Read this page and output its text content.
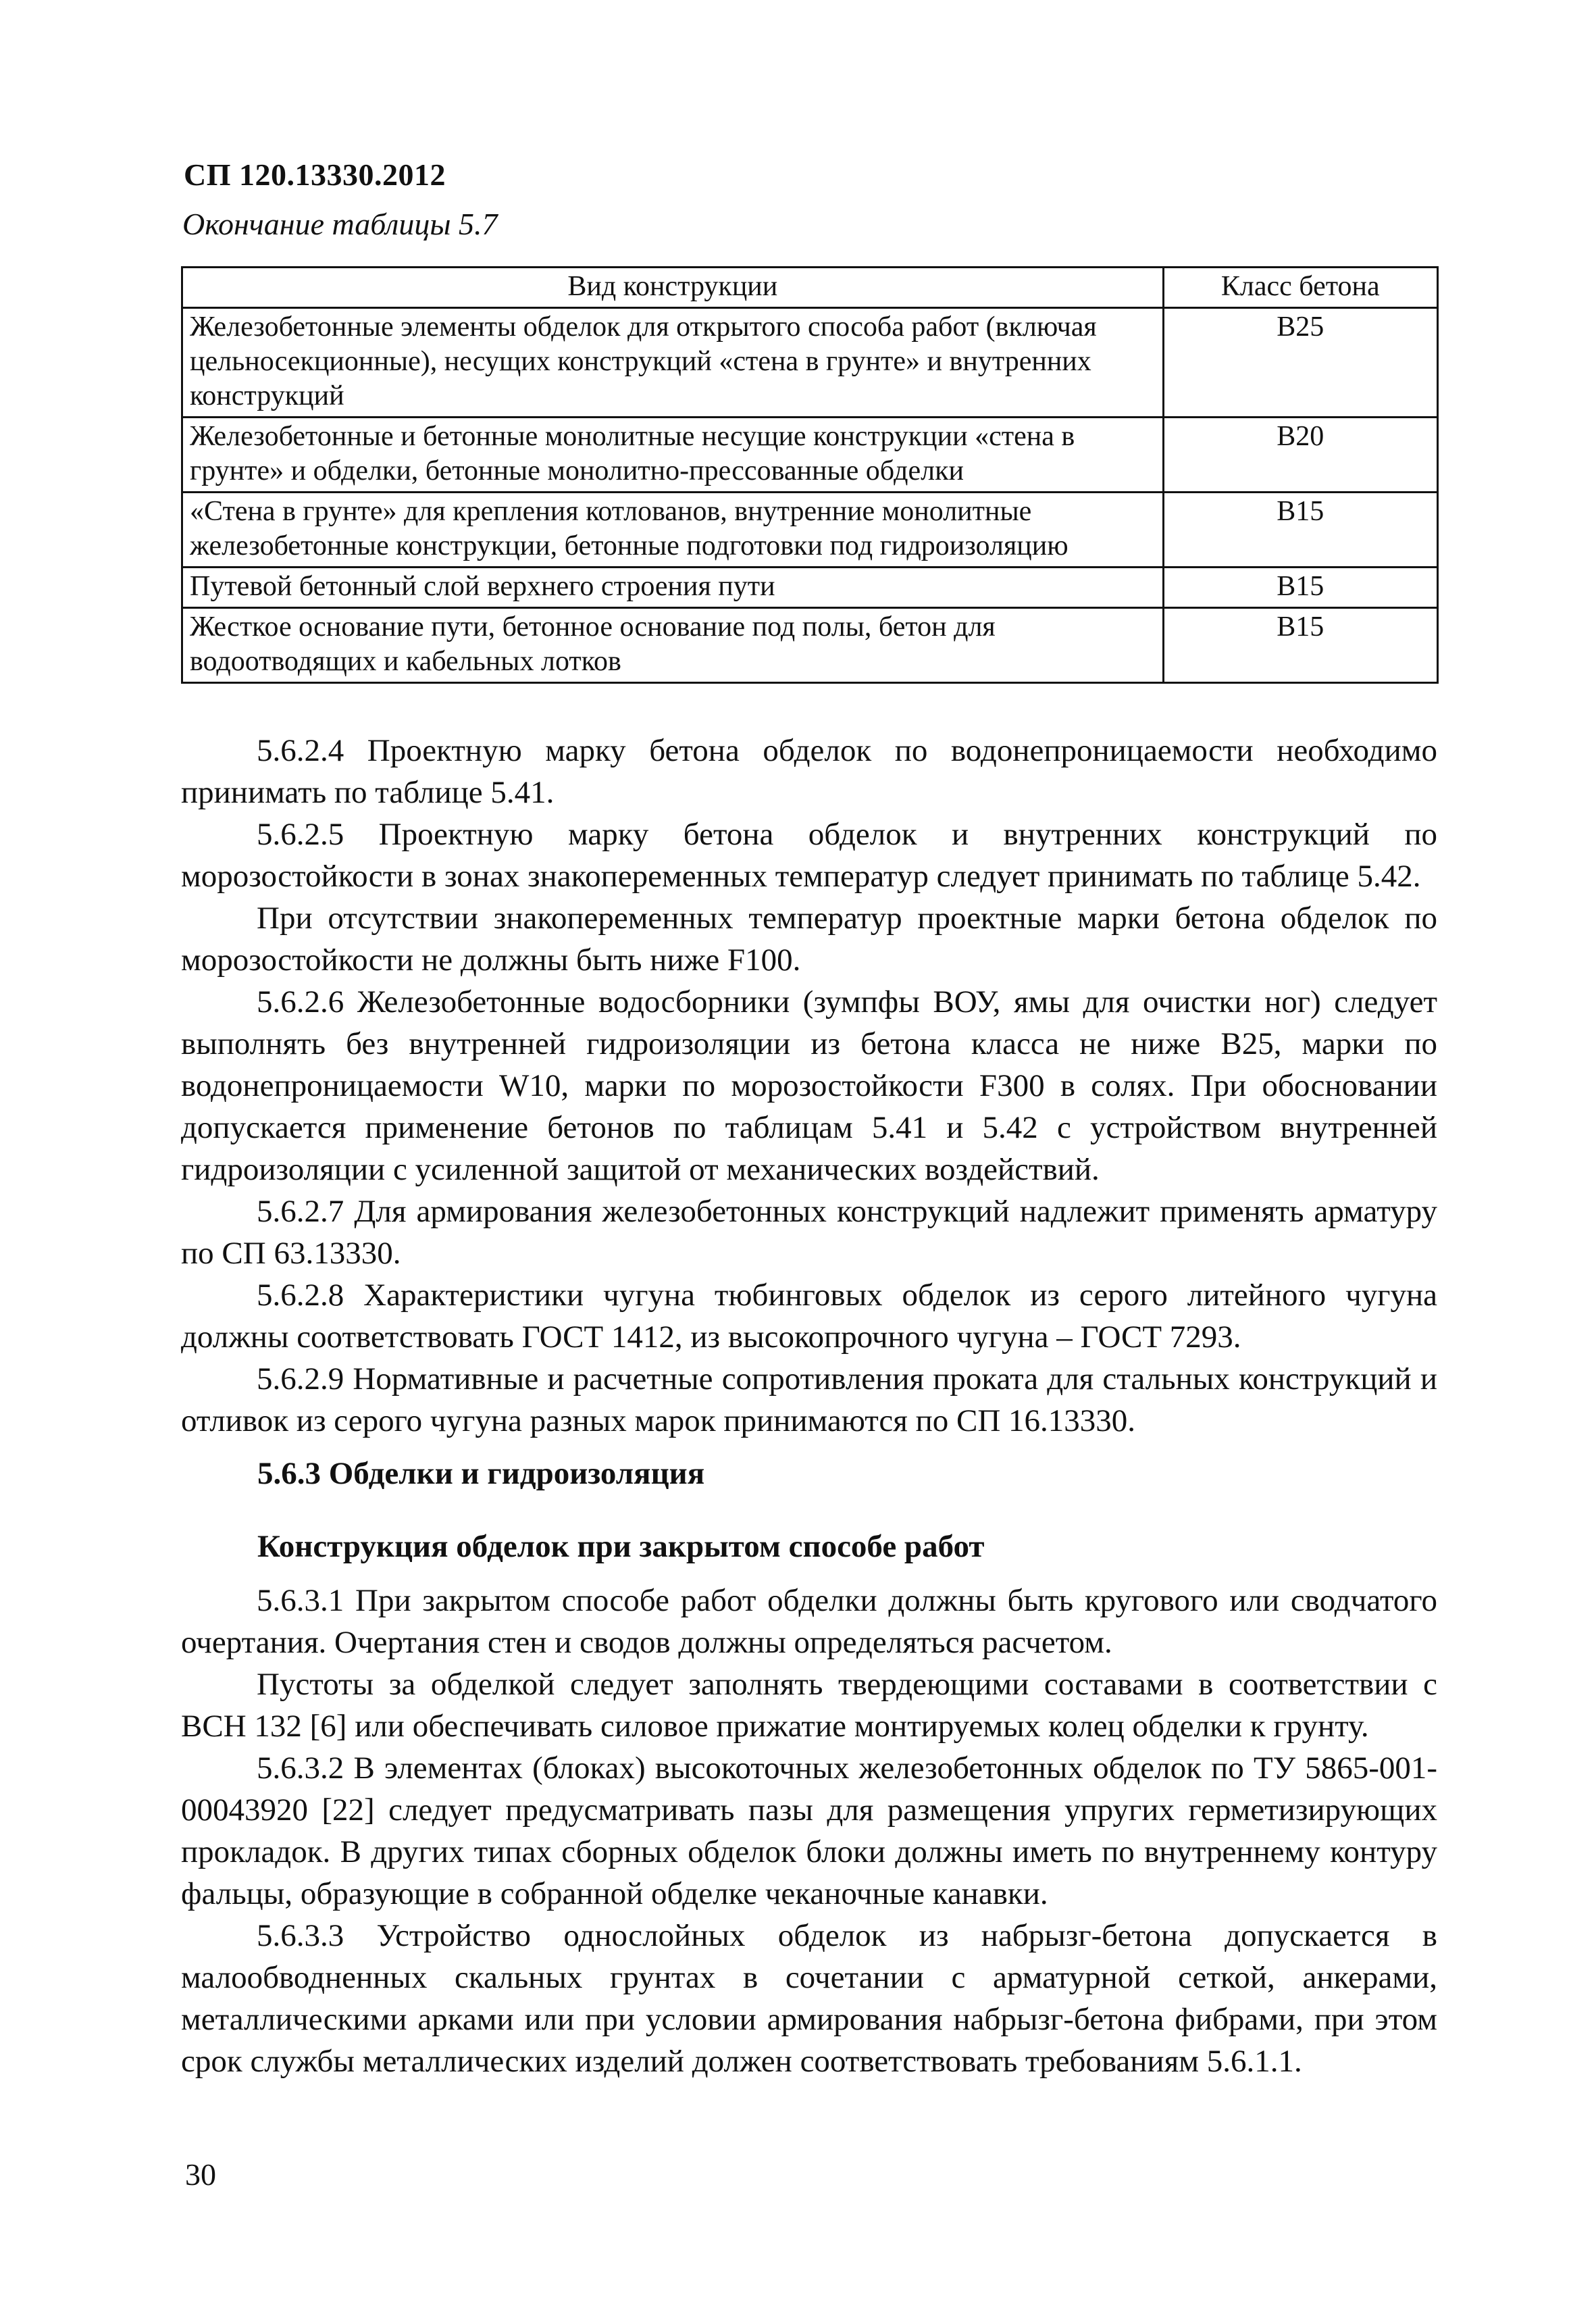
СП 120.13330.2012
Окончание таблицы 5.7
Вид конструкции	Класс бетона
Железобетонные элементы обделок для открытого способа работ (включая цельносекционные), несущих конструкций «стена в грунте» и внутренних конструкций	B25
Железобетонные и бетонные монолитные несущие конструкции «стена в грунте» и обделки, бетонные монолитно-прессованные обделки	B20
«Стена в грунте» для крепления котлованов, внутренние монолитные железобетонные конструкции, бетонные подготовки под гидроизоляцию	B15
Путевой бетонный слой верхнего строения пути	B15
Жесткое основание пути, бетонное основание под полы, бетон для водоотводящих и кабельных лотков	B15

5.6.2.4 Проектную марку бетона обделок по водонепроницаемости необходимо принимать по таблице 5.41.

5.6.2.5 Проектную марку бетона обделок и внутренних конструкций по морозостойкости в зонах знакопеременных температур следует принимать по таблице 5.42.

При отсутствии знакопеременных температур проектные марки бетона обделок по морозостойкости не должны быть ниже F100.

5.6.2.6 Железобетонные водосборники (зумпфы ВОУ, ямы для очистки ног) следует выполнять без внутренней гидроизоляции из бетона класса не ниже B25, марки по водонепроницаемости W10, марки по морозостойкости F300 в солях. При обосновании допускается применение бетонов по таблицам 5.41 и 5.42 с устройством внутренней гидроизоляции с усиленной защитой от механических воздействий.

5.6.2.7 Для армирования железобетонных конструкций надлежит применять арматуру по СП 63.13330.

5.6.2.8 Характеристики чугуна тюбинговых обделок из серого литейного чугуна должны соответствовать ГОСТ 1412, из высокопрочного чугуна – ГОСТ 7293.

5.6.2.9 Нормативные и расчетные сопротивления проката для стальных конструкций и отливок из серого чугуна разных марок принимаются по СП 16.13330.

5.6.3 Обделки и гидроизоляция
Конструкция обделок при закрытом способе работ

5.6.3.1 При закрытом способе работ обделки должны быть кругового или сводчатого очертания. Очертания стен и сводов должны определяться расчетом.

Пустоты за обделкой следует заполнять твердеющими составами в соответствии с ВСН 132 [6] или обеспечивать силовое прижатие монтируемых колец обделки к грунту.

5.6.3.2 В элементах (блоках) высокоточных железобетонных обделок по ТУ 5865-001-00043920 [22] следует предусматривать пазы для размещения упругих герметизирующих прокладок. В других типах сборных обделок блоки должны иметь по внутреннему контуру фальцы, образующие в собранной обделке чеканочные канавки.

5.6.3.3 Устройство однослойных обделок из набрызг-бетона допускается в малообводненных скальных грунтах в сочетании с арматурной сеткой, анкерами, металлическими арками или при условии армирования набрызг-бетона фибрами, при этом срок службы металлических изделий должен соответствовать требованиям 5.6.1.1.

30
